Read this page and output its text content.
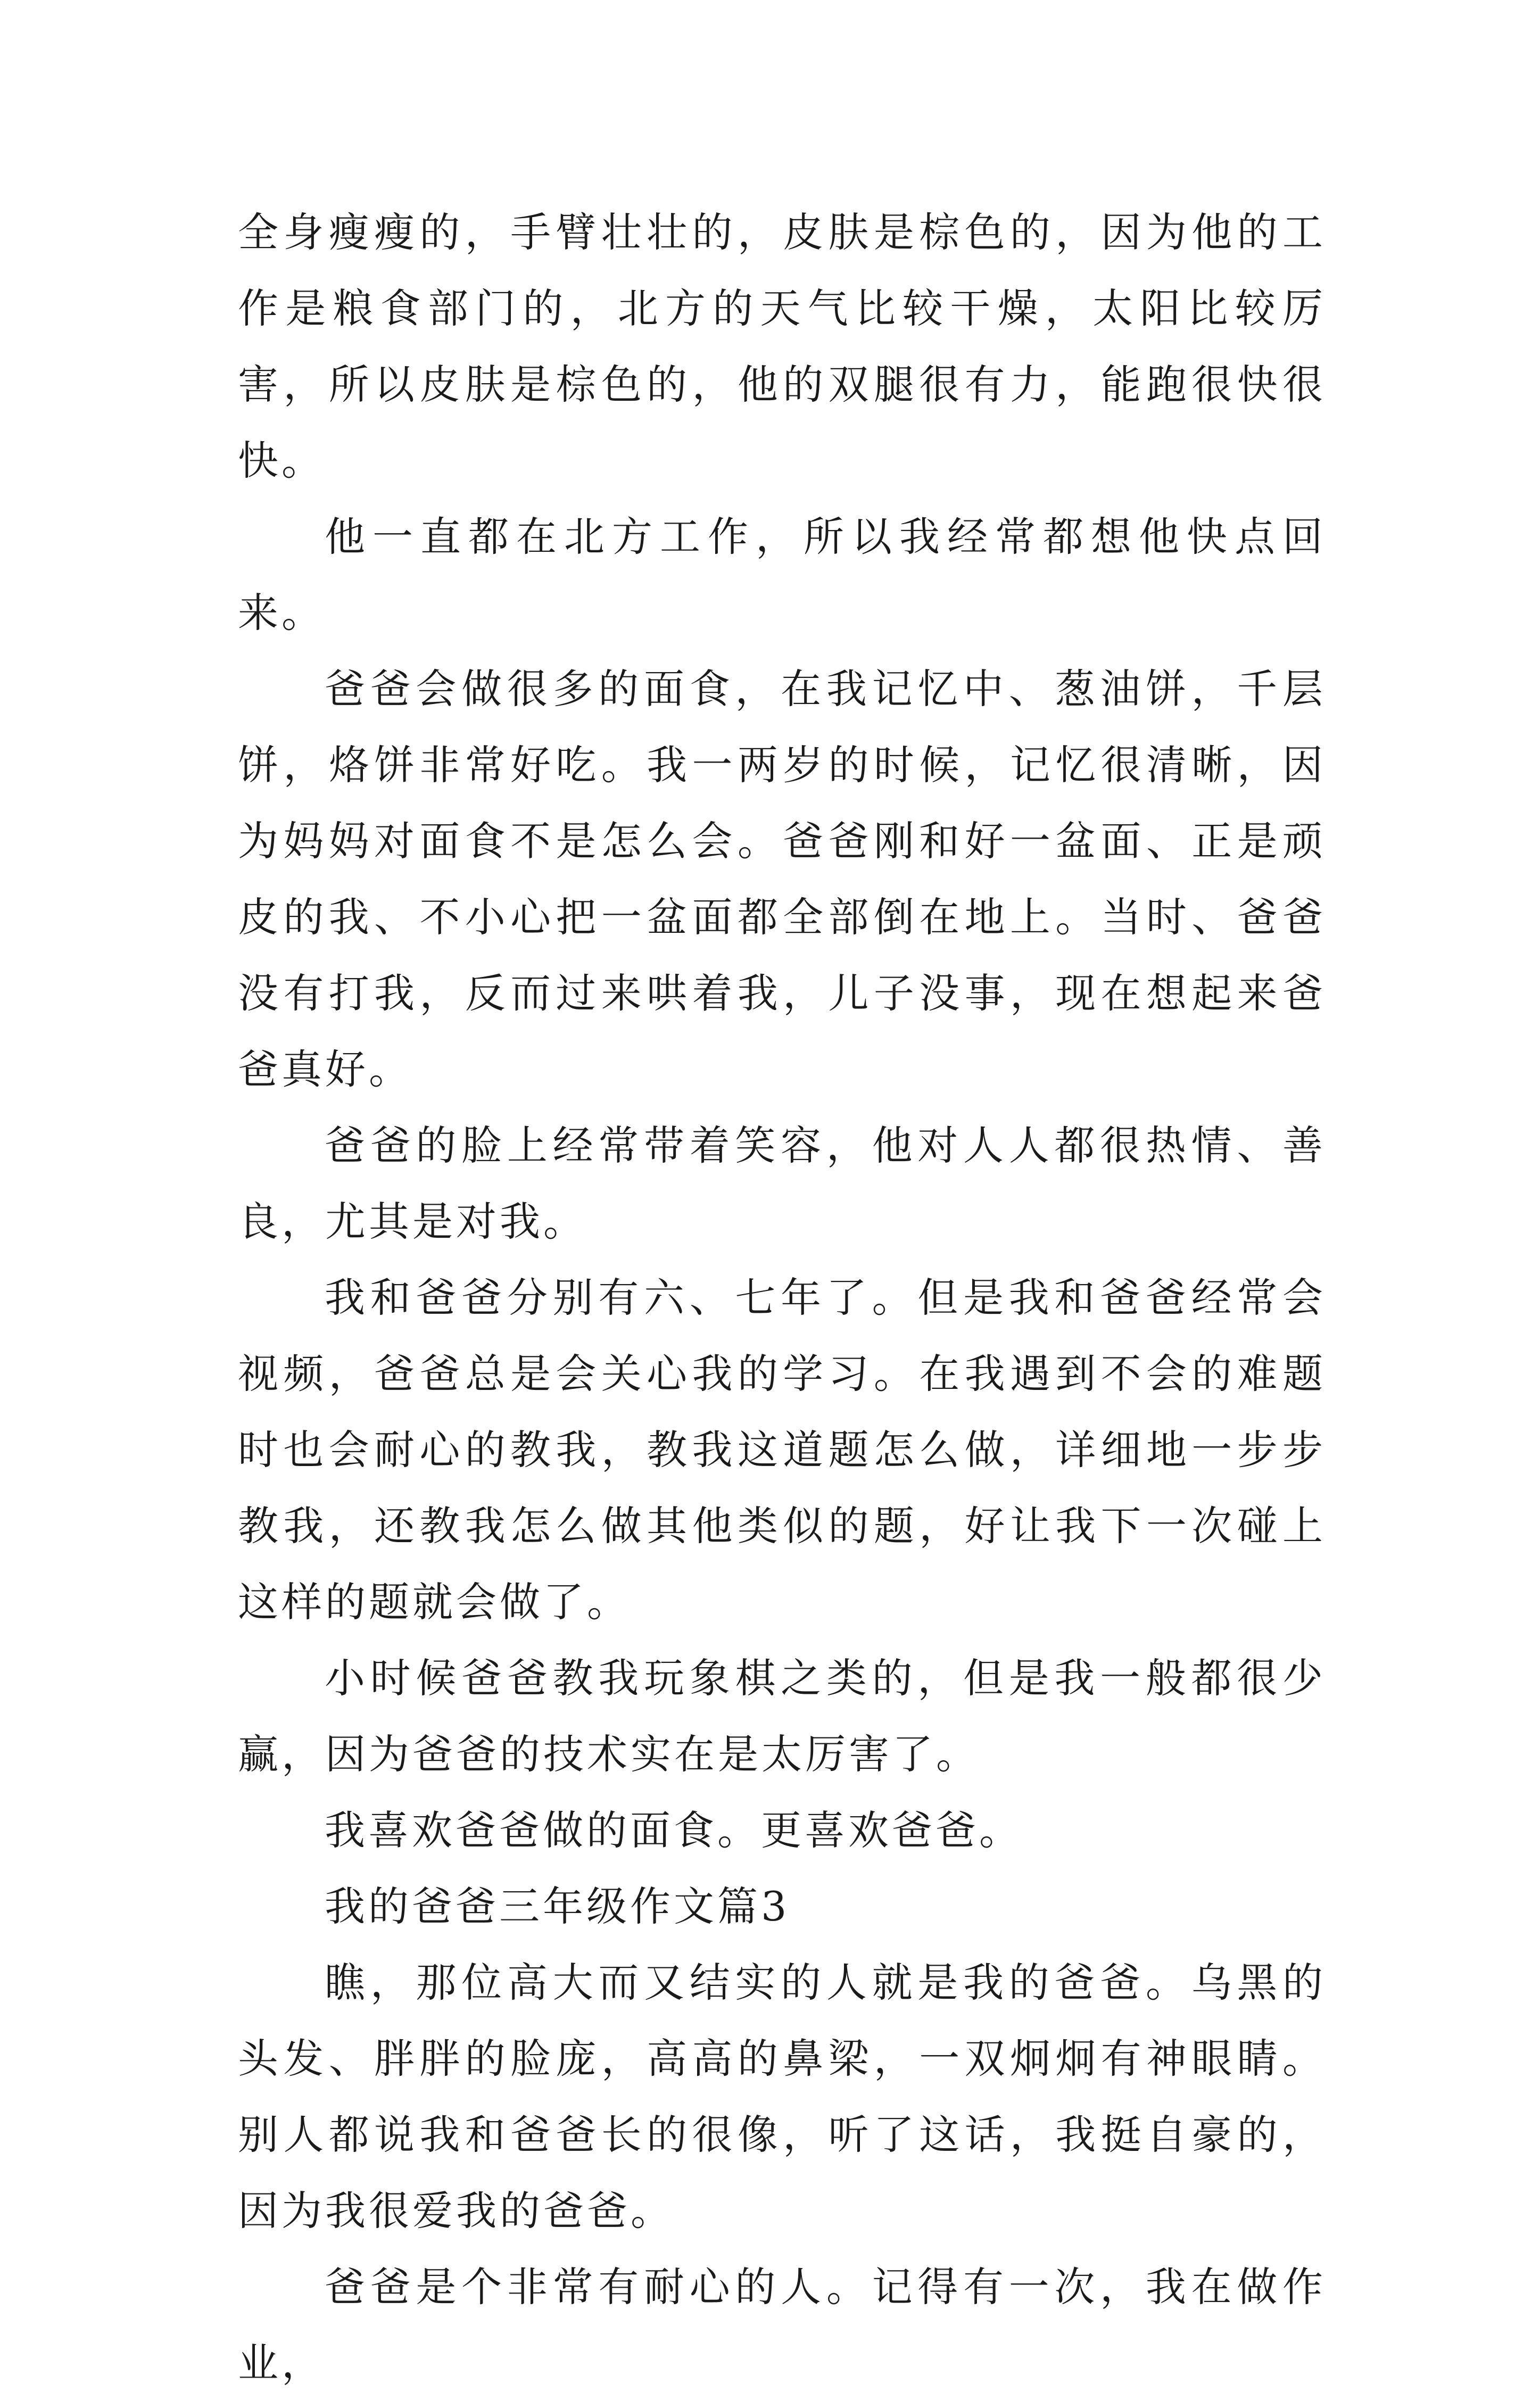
全身瘦瘦的，手臂壮壮的，皮肤是棕色的，因为他的工作是粮食部门的，北方的天气比较干燥，太阳比较厉害，所以皮肤是棕色的，他的双腿很有力，能跑很快很快。

他一直都在北方工作，所以我经常都想他快点回来。

爸爸会做很多的面食，在我记忆中、葱油饼，千层饼，烙饼非常好吃。我一两岁的时候，记忆很清晰，因为妈妈对面食不是怎么会。爸爸刚和好一盆面、正是顽皮的我、不小心把一盆面都全部倒在地上。当时、爸爸没有打我，反而过来哄着我，儿子没事，现在想起来爸爸真好。

爸爸的脸上经常带着笑容，他对人人都很热情、善良，尤其是对我。

我和爸爸分别有六、七年了。但是我和爸爸经常会视频，爸爸总是会关心我的学习。在我遇到不会的难题时也会耐心的教我，教我这道题怎么做，详细地一步步教我，还教我怎么做其他类似的题，好让我下一次碰上这样的题就会做了。

小时候爸爸教我玩象棋之类的，但是我一般都很少赢，因为爸爸的技术实在是太厉害了。

我喜欢爸爸做的面食。更喜欢爸爸。

我的爸爸三年级作文篇3

瞧，那位高大而又结实的人就是我的爸爸。乌黑的头发、胖胖的脸庞，高高的鼻梁，一双炯炯有神眼睛。别人都说我和爸爸长的很像，听了这话，我挺自豪的，因为我很爱我的爸爸。

爸爸是个非常有耐心的人。记得有一次，我在做作业，
